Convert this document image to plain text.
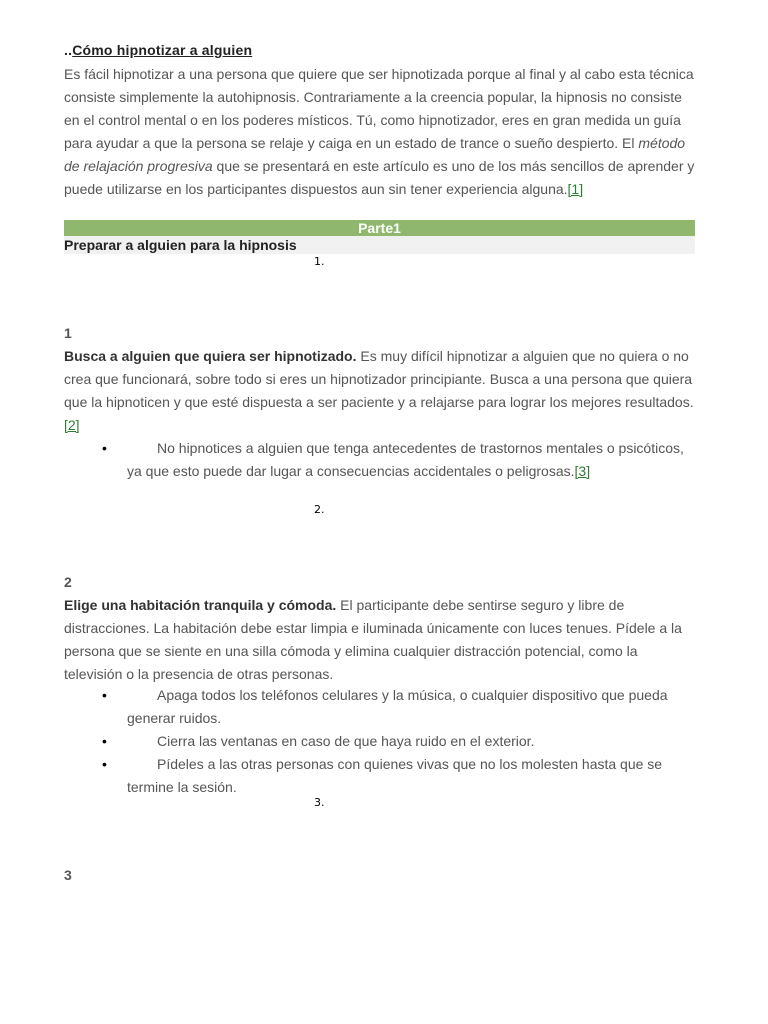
..Cómo hipnotizar a alguien

Es fácil hipnotizar a una persona que quiere que ser hipnotizada porque al final y al cabo esta técnica consiste simplemente la autohipnosis. Contrariamente a la creencia popular, la hipnosis no consiste en el control mental o en los poderes místicos. Tú, como hipnotizador, eres en gran medida un guía para ayudar a que la persona se relaje y caiga en un estado de trance o sueño despierto. El método de relajación progresiva que se presentará en este artículo es uno de los más sencillos de aprender y puede utilizarse en los participantes dispuestos aun sin tener experiencia alguna.[1]

Parte1
Preparar a alguien para la hipnosis
1.
1

Busca a alguien que quiera ser hipnotizado. Es muy difícil hipnotizar a alguien que no quiera o no crea que funcionará, sobre todo si eres un hipnotizador principiante. Busca a una persona que quiera que la hipnoticen y que esté dispuesta a ser paciente y a relajarse para lograr los mejores resultados.[2]

•	No hipnotices a alguien que tenga antecedentes de trastornos mentales o psicóticos, ya que esto puede dar lugar a consecuencias accidentales o peligrosas.[3]
2.
2

Elige una habitación tranquila y cómoda. El participante debe sentirse seguro y libre de distracciones. La habitación debe estar limpia e iluminada únicamente con luces tenues. Pídele a la persona que se siente en una silla cómoda y elimina cualquier distracción potencial, como la televisión o la presencia de otras personas.

•	Apaga todos los teléfonos celulares y la música, o cualquier dispositivo que pueda generar ruidos.
•	Cierra las ventanas en caso de que haya ruido en el exterior.
•	Pídeles a las otras personas con quienes vivas que no los molesten hasta que se termine la sesión.
3.
3
